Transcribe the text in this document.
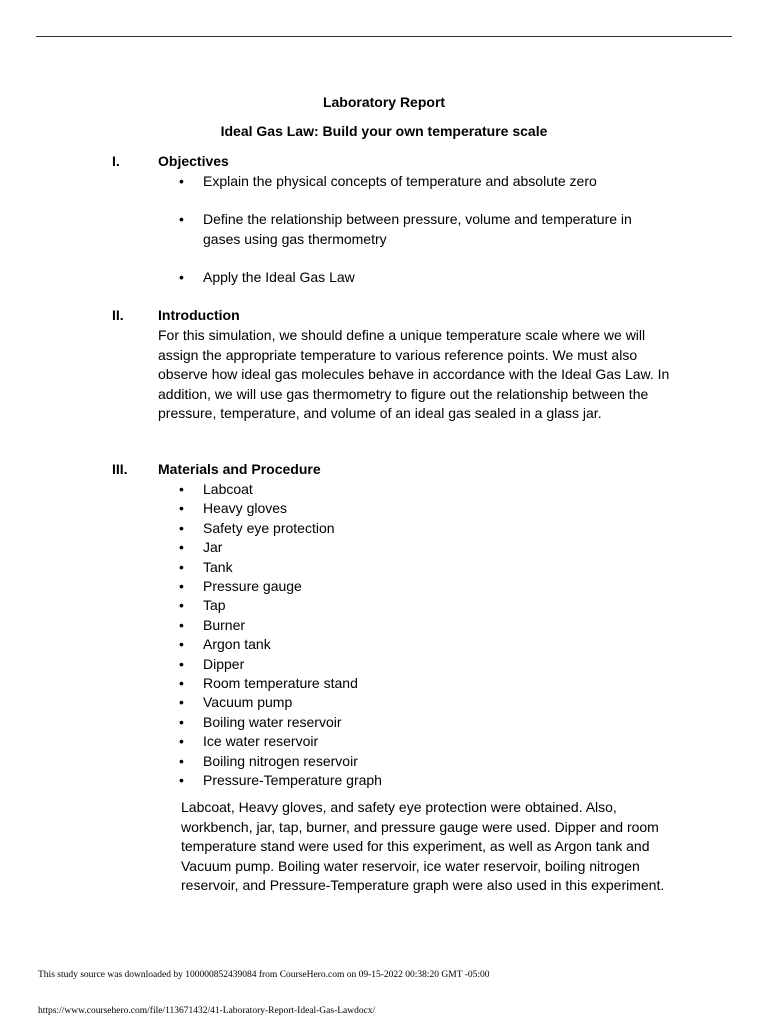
Laboratory Report
Ideal Gas Law: Build your own temperature scale
I.	Objectives
• Explain the physical concepts of temperature and absolute zero
• Define the relationship between pressure, volume and temperature in gases using gas thermometry
• Apply the Ideal Gas Law
II. Introduction
For this simulation, we should define a unique temperature scale where we will assign the appropriate temperature to various reference points. We must also observe how ideal gas molecules behave in accordance with the Ideal Gas Law. In addition, we will use gas thermometry to figure out the relationship between the pressure, temperature, and volume of an ideal gas sealed in a glass jar.
III. Materials and Procedure
• Labcoat
• Heavy gloves
• Safety eye protection
• Jar
• Tank
• Pressure gauge
• Tap
• Burner
• Argon tank
• Dipper
• Room temperature stand
• Vacuum pump
• Boiling water reservoir
• Ice water reservoir
• Boiling nitrogen reservoir
• Pressure-Temperature graph
Labcoat, Heavy gloves, and safety eye protection were obtained. Also, workbench, jar, tap, burner, and pressure gauge were used. Dipper and room temperature stand were used for this experiment, as well as Argon tank and Vacuum pump. Boiling water reservoir, ice water reservoir, boiling nitrogen reservoir, and Pressure-Temperature graph were also used in this experiment.
This study source was downloaded by 100000852439084 from CourseHero.com on 09-15-2022 00:38:20 GMT -05:00
https://www.coursehero.com/file/113671432/41-Laboratory-Report-Ideal-Gas-Lawdocx/
